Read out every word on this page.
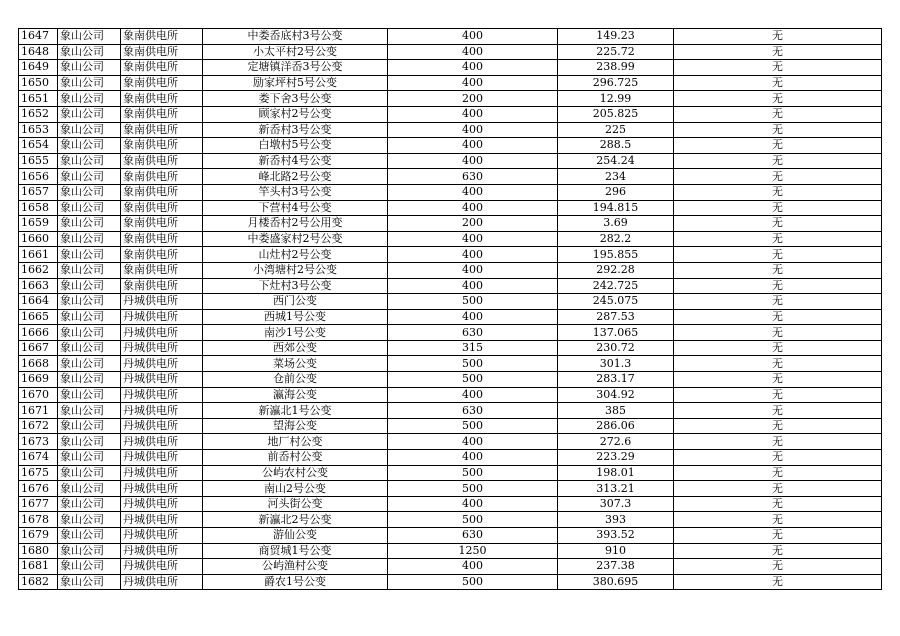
1647	象山公司	象南供电所	中娄岙底村3号公变	400	149.23	无
1648	象山公司	象南供电所	小太平村2号公变	400	225.72	无
1649	象山公司	象南供电所	定塘镇洋岙3号公变	400	238.99	无
1650	象山公司	象南供电所	励家坪村5号公变	400	296.725	无
1651	象山公司	象南供电所	娄下舍3号公变	200	12.99	无
1652	象山公司	象南供电所	顾家村2号公变	400	205.825	无
1653	象山公司	象南供电所	新岙村3号公变	400	225	无
1654	象山公司	象南供电所	白墩村5号公变	400	288.5	无
1655	象山公司	象南供电所	新岙村4号公变	400	254.24	无
1656	象山公司	象南供电所	峰北路2号公变	630	234	无
1657	象山公司	象南供电所	竿头村3号公变	400	296	无
1658	象山公司	象南供电所	下营村4号公变	400	194.815	无
1659	象山公司	象南供电所	月楼岙村2号公用变	200	3.69	无
1660	象山公司	象南供电所	中娄盛家村2号公变	400	282.2	无
1661	象山公司	象南供电所	山灶村2号公变	400	195.855	无
1662	象山公司	象南供电所	小湾塘村2号公变	400	292.28	无
1663	象山公司	象南供电所	下灶村3号公变	400	242.725	无
1664	象山公司	丹城供电所	西门公变	500	245.075	无
1665	象山公司	丹城供电所	西城1号公变	400	287.53	无
1666	象山公司	丹城供电所	南沙1号公变	630	137.065	无
1667	象山公司	丹城供电所	西郊公变	315	230.72	无
1668	象山公司	丹城供电所	菜场公变	500	301.3	无
1669	象山公司	丹城供电所	仓前公变	500	283.17	无
1670	象山公司	丹城供电所	瀛海公变	400	304.92	无
1671	象山公司	丹城供电所	新瀛北1号公变	630	385	无
1672	象山公司	丹城供电所	望海公变	500	286.06	无
1673	象山公司	丹城供电所	地厂村公变	400	272.6	无
1674	象山公司	丹城供电所	前岙村公变	400	223.29	无
1675	象山公司	丹城供电所	公屿农村公变	500	198.01	无
1676	象山公司	丹城供电所	南山2号公变	500	313.21	无
1677	象山公司	丹城供电所	河头街公变	400	307.3	无
1678	象山公司	丹城供电所	新瀛北2号公变	500	393	无
1679	象山公司	丹城供电所	游仙公变	630	393.52	无
1680	象山公司	丹城供电所	商贸城1号公变	1250	910	无
1681	象山公司	丹城供电所	公屿渔村公变	400	237.38	无
1682	象山公司	丹城供电所	爵农1号公变	500	380.695	无
